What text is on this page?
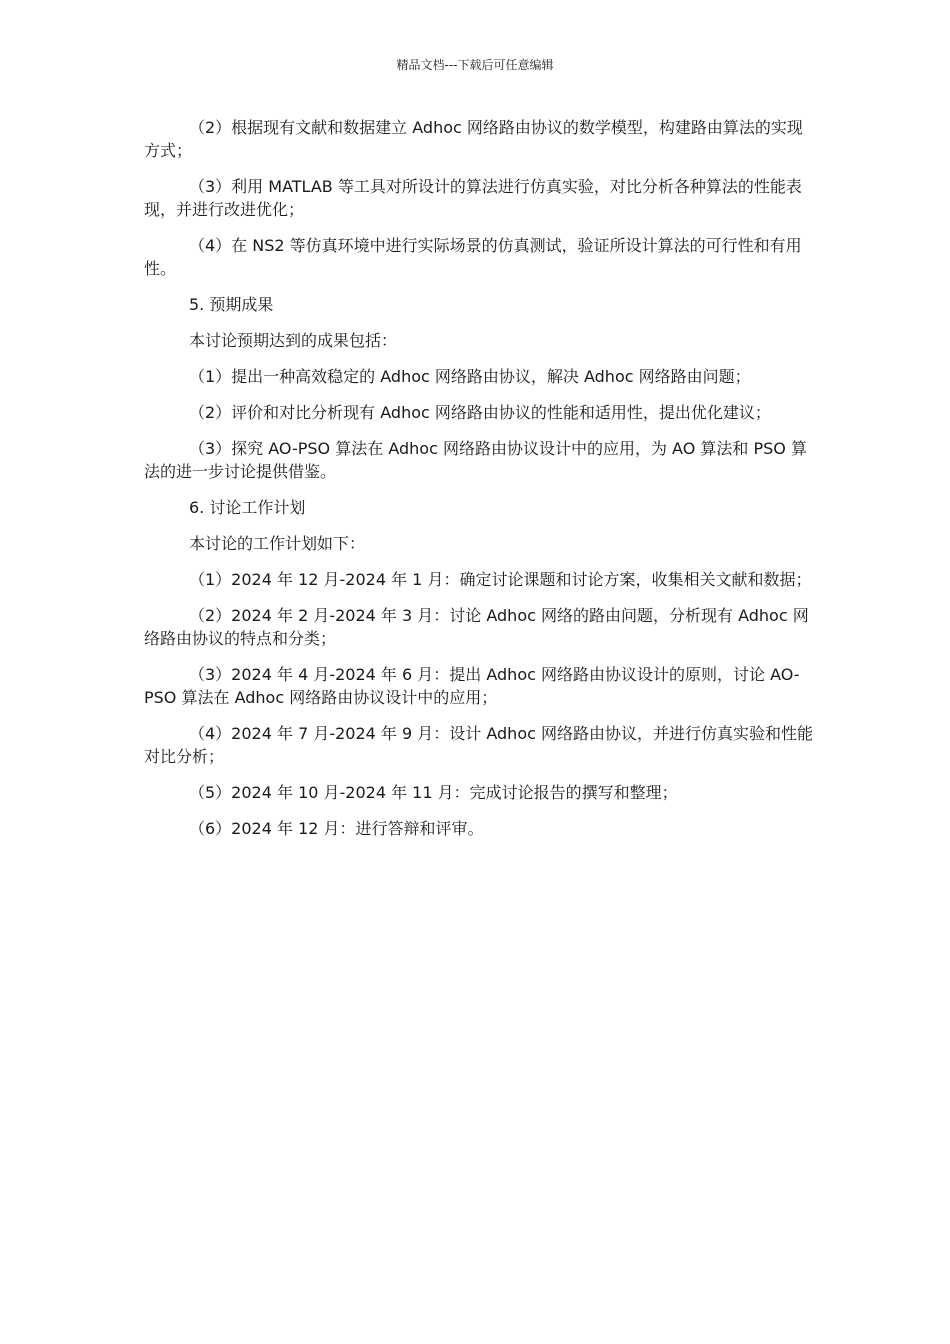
精品文档---下载后可任意编辑

（2）根据现有文献和数据建立 Adhoc 网络路由协议的数学模型，构建路由算法的实现方式；

（3）利用 MATLAB 等工具对所设计的算法进行仿真实验，对比分析各种算法的性能表现，并进行改进优化；

（4）在 NS2 等仿真环境中进行实际场景的仿真测试，验证所设计算法的可行性和有用性。

5. 预期成果

本讨论预期达到的成果包括：

（1）提出一种高效稳定的 Adhoc 网络路由协议，解决 Adhoc 网络路由问题；

（2）评价和对比分析现有 Adhoc 网络路由协议的性能和适用性，提出优化建议；

（3）探究 AO-PSO 算法在 Adhoc 网络路由协议设计中的应用，为 AO 算法和 PSO 算法的进一步讨论提供借鉴。

6. 讨论工作计划

本讨论的工作计划如下：

（1）2024 年 12 月-2024 年 1 月：确定讨论课题和讨论方案，收集相关文献和数据；

（2）2024 年 2 月-2024 年 3 月：讨论 Adhoc 网络的路由问题，分析现有 Adhoc 网络路由协议的特点和分类；

（3）2024 年 4 月-2024 年 6 月：提出 Adhoc 网络路由协议设计的原则，讨论 AO-PSO 算法在 Adhoc 网络路由协议设计中的应用；

（4）2024 年 7 月-2024 年 9 月：设计 Adhoc 网络路由协议，并进行仿真实验和性能对比分析；

（5）2024 年 10 月-2024 年 11 月：完成讨论报告的撰写和整理；

（6）2024 年 12 月：进行答辩和评审。
